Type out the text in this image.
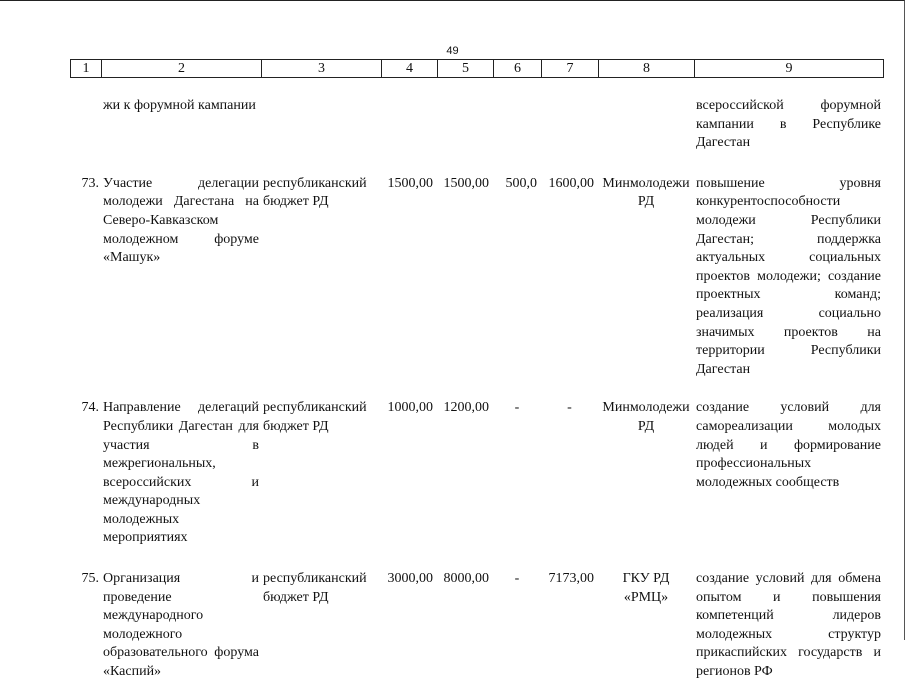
49
1	2	3	4	5	6	7	8	9
	жи к форумной кампании							всероссийской форумной кампании в Республике Дагестан

73.	Участие делегации молодежи Дагестана на Северо-Кавказском молодежном форуме «Машук»	республиканский бюджет РД	1500,00	1500,00	500,0	1600,00	Минмолодежи РД	повышение уровня конкурентоспособности молодежи Республики Дагестан; поддержка актуальных социальных проектов молодежи; создание проектных команд; реализация социально значимых проектов на территории Республики Дагестан

74.	Направление делегаций Республики Дагестан для участия в межрегиональных, всероссийских и международных молодежных мероприятиях	республиканский бюджет РД	1000,00	1200,00	-	-	Минмолодежи РД	создание условий для самореализации молодых людей и формирование профессиональных молодежных сообществ

75.	Организация и проведение международного молодежного образовательного форума «Каспий»	республиканский бюджет РД	3000,00	8000,00	-	7173,00	ГКУ РД «РМЦ»	создание условий для обмена опытом и повышения компетенций лидеров молодежных структур прикаспийских государств и регионов РФ
